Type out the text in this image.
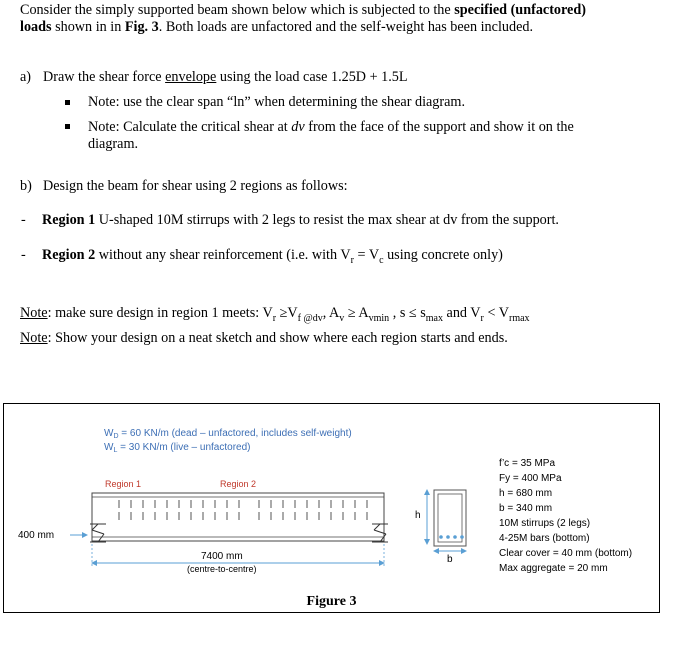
Consider the simply supported beam shown below which is subjected to the specified (unfactored)

loads shown in in Fig. 3. Both loads are unfactored and the self-weight has been included.

a) Draw the shear force envelope using the load case 1.25D + 1.5L

Note: use the clear span “ln” when determining the shear diagram.

Note: Calculate the critical shear at dv from the face of the support and show it on the

diagram.

b) Design the beam for shear using 2 regions as follows:

- Region 1 U-shaped 10M stirrups with 2 legs to resist the max shear at dv from the support.

- Region 2 without any shear reinforcement (i.e. with $V_r = V_c$ using concrete only)

Note: make sure design in region 1 meets: $V_r \ge V_{f @dv}$, $A_v \ge A_{vmin}$ , $s \le s_{max}$ and $V_r < V_{rmax}$

Note: Show your design on a neat sketch and show where each region starts and ends.

$W_D = 60$ KN/m (dead – unfactored, includes self-weight)
$W_L = 30$ KN/m (live – unfactored)
Region 1	Region 2
400 mm
7400 mm
(centre-to-centre)
h
b
f’c = 35 MPa
Fy = 400 MPa
h = 680 mm
b = 340 mm
10M stirrups (2 legs)
4-25M bars (bottom)
Clear cover = 40 mm (bottom)
Max aggregate = 20 mm
Figure 3
